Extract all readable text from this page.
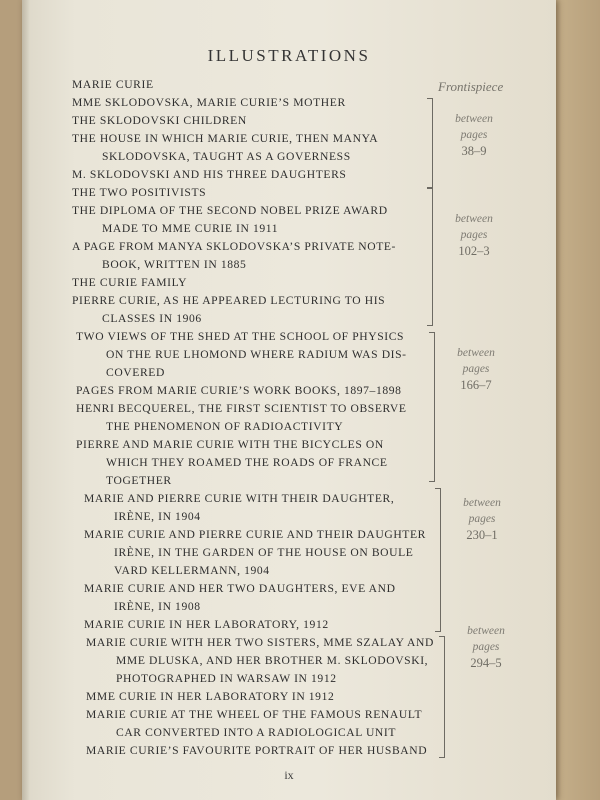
ILLUSTRATIONS
Frontispiece
MARIE CURIE
MME SKLODOVSKA, MARIE CURIE’S MOTHER
THE SKLODOVSKI CHILDREN
THE HOUSE IN WHICH MARIE CURIE, THEN MANYA
SKLODOVSKA, TAUGHT AS A GOVERNESS
M. SKLODOVSKI AND HIS THREE DAUGHTERS
THE TWO POSITIVISTS
THE DIPLOMA OF THE SECOND NOBEL PRIZE AWARD
MADE TO MME CURIE IN 1911
A PAGE FROM MANYA SKLODOVSKA’S PRIVATE NOTE-
BOOK, WRITTEN IN 1885
THE CURIE FAMILY
PIERRE CURIE, AS HE APPEARED LECTURING TO HIS
CLASSES IN 1906
TWO VIEWS OF THE SHED AT THE SCHOOL OF PHYSICS
ON THE RUE LHOMOND WHERE RADIUM WAS DIS-
COVERED
PAGES FROM MARIE CURIE’S WORK BOOKS, 1897–1898
HENRI BECQUEREL, THE FIRST SCIENTIST TO OBSERVE
THE PHENOMENON OF RADIOACTIVITY
PIERRE AND MARIE CURIE WITH THE BICYCLES ON
WHICH THEY ROAMED THE ROADS OF FRANCE
TOGETHER
MARIE AND PIERRE CURIE WITH THEIR DAUGHTER,
IRÈNE, IN 1904
MARIE CURIE AND PIERRE CURIE AND THEIR DAUGHTER
IRÈNE, IN THE GARDEN OF THE HOUSE ON BOULE
VARD KELLERMANN, 1904
MARIE CURIE AND HER TWO DAUGHTERS, EVE AND
IRÈNE, IN 1908
MARIE CURIE IN HER LABORATORY, 1912
MARIE CURIE WITH HER TWO SISTERS, MME SZALAY AND
MME DLUSKA, AND HER BROTHER M. SKLODOVSKI,
PHOTOGRAPHED IN WARSAW IN 1912
MME CURIE IN HER LABORATORY IN 1912
MARIE CURIE AT THE WHEEL OF THE FAMOUS RENAULT
CAR CONVERTED INTO A RADIOLOGICAL UNIT
MARIE CURIE’S FAVOURITE PORTRAIT OF HER HUSBAND
between
pages
38–9
between
pages
102–3
between
pages
166–7
between
pages
230–1
between
pages
294–5
ix
